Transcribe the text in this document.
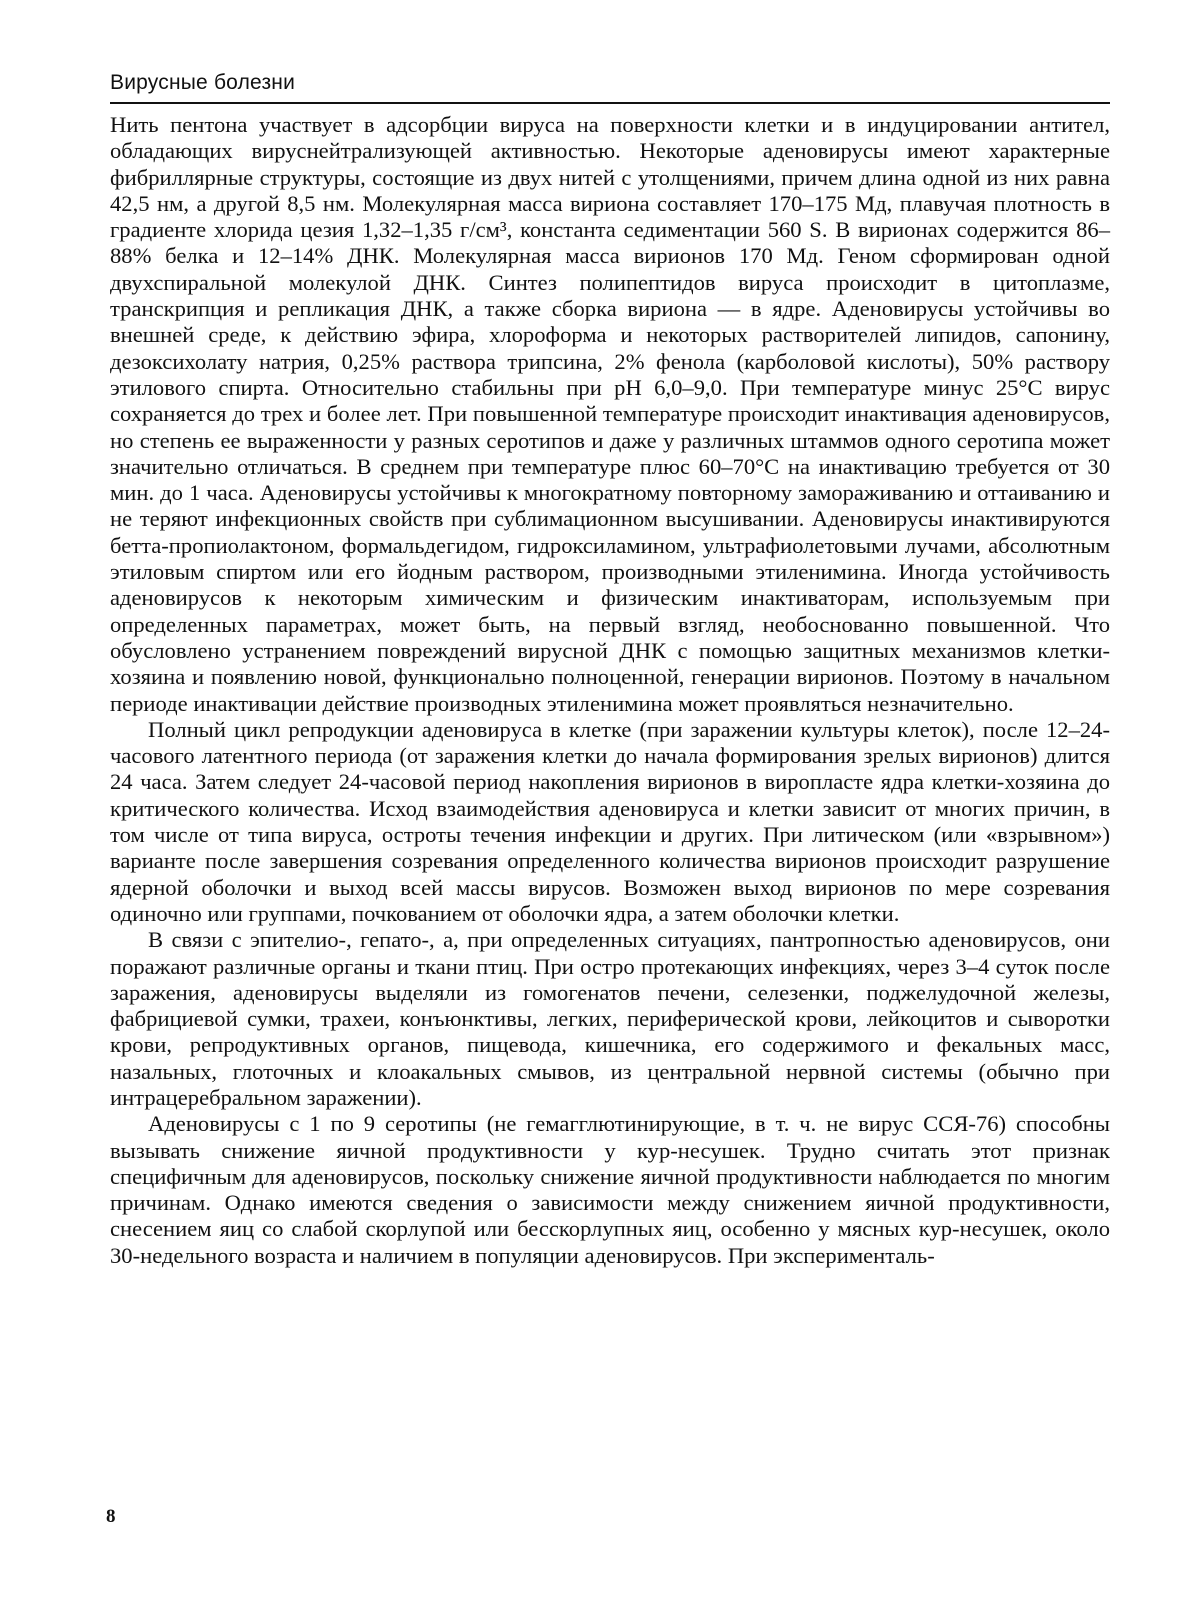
Вирусные болезни

Нить пентона участвует в адсорбции вируса на поверхности клетки и в индуцировании антител, обладающих вируснейтрализующей активностью. Некоторые аденовирусы имеют характерные фибриллярные структуры, состоящие из двух нитей с утолщениями, причем длина одной из них равна 42,5 нм, а другой 8,5 нм. Молекулярная масса вириона составляет 170–175 Мд, плавучая плотность в градиенте хлорида цезия 1,32–1,35 г/см³, константа седиментации 560 S. В вирионах содержится 86–88% белка и 12–14% ДНК. Молекулярная масса вирионов 170 Мд. Геном сформирован одной двухспиральной молекулой ДНК. Синтез полипептидов вируса происходит в цитоплазме, транскрипция и репликация ДНК, а также сборка вириона — в ядре. Аденовирусы устойчивы во внешней среде, к действию эфира, хлороформа и некоторых растворителей липидов, сапонину, дезоксихолату натрия, 0,25% раствора трипсина, 2% фенола (карболовой кислоты), 50% раствору этилового спирта. Относительно стабильны при pH 6,0–9,0. При температуре минус 25°С вирус сохраняется до трех и более лет. При повышенной температуре происходит инактивация аденовирусов, но степень ее выраженности у разных серотипов и даже у различных штаммов одного серотипа может значительно отличаться. В среднем при температуре плюс 60–70°С на инактивацию требуется от 30 мин. до 1 часа. Аденовирусы устойчивы к многократному повторному замораживанию и оттаиванию и не теряют инфекционных свойств при сублимационном высушивании. Аденовирусы инактивируются бетта-пропиолактоном, формальдегидом, гидроксиламином, ультрафиолетовыми лучами, абсолютным этиловым спиртом или его йодным раствором, производными этиленимина. Иногда устойчивость аденовирусов к некоторым химическим и физическим инактиваторам, используемым при определенных параметрах, может быть, на первый взгляд, необоснованно повышенной. Что обусловлено устранением повреждений вирусной ДНК с помощью защитных механизмов клетки-хозяина и появлению новой, функционально полноценной, генерации вирионов. Поэтому в начальном периоде инактивации действие производных этиленимина может проявляться незначительно.

Полный цикл репродукции аденовируса в клетке (при заражении культуры клеток), после 12–24-часового латентного периода (от заражения клетки до начала формирования зрелых вирионов) длится 24 часа. Затем следует 24-часовой период накопления вирионов в виропласте ядра клетки-хозяина до критического количества. Исход взаимодействия аденовируса и клетки зависит от многих причин, в том числе от типа вируса, остроты течения инфекции и других. При литическом (или «взрывном») варианте после завершения созревания определенного количества вирионов происходит разрушение ядерной оболочки и выход всей массы вирусов. Возможен выход вирионов по мере созревания одиночно или группами, почкованием от оболочки ядра, а затем оболочки клетки.

В связи с эпителио-, гепато-, а, при определенных ситуациях, пантропностью аденовирусов, они поражают различные органы и ткани птиц. При остро протекающих инфекциях, через 3–4 суток после заражения, аденовирусы выделяли из гомогенатов печени, селезенки, поджелудочной железы, фабрициевой сумки, трахеи, конъюнктивы, легких, периферической крови, лейкоцитов и сыворотки крови, репродуктивных органов, пищевода, кишечника, его содержимого и фекальных масс, назальных, глоточных и клоакальных смывов, из центральной нервной системы (обычно при интрацеребральном заражении).

Аденовирусы с 1 по 9 серотипы (не гемагглютинирующие, в т. ч. не вирус ССЯ-76) способны вызывать снижение яичной продуктивности у кур-несушек. Трудно считать этот признак специфичным для аденовирусов, поскольку снижение яичной продуктивности наблюдается по многим причинам. Однако имеются сведения о зависимости между снижением яичной продуктивности, снесением яиц со слабой скорлупой или бесскорлупных яиц, особенно у мясных кур-несушек, около 30-недельного возраста и наличием в популяции аденовирусов. При эксперименталь-

8
